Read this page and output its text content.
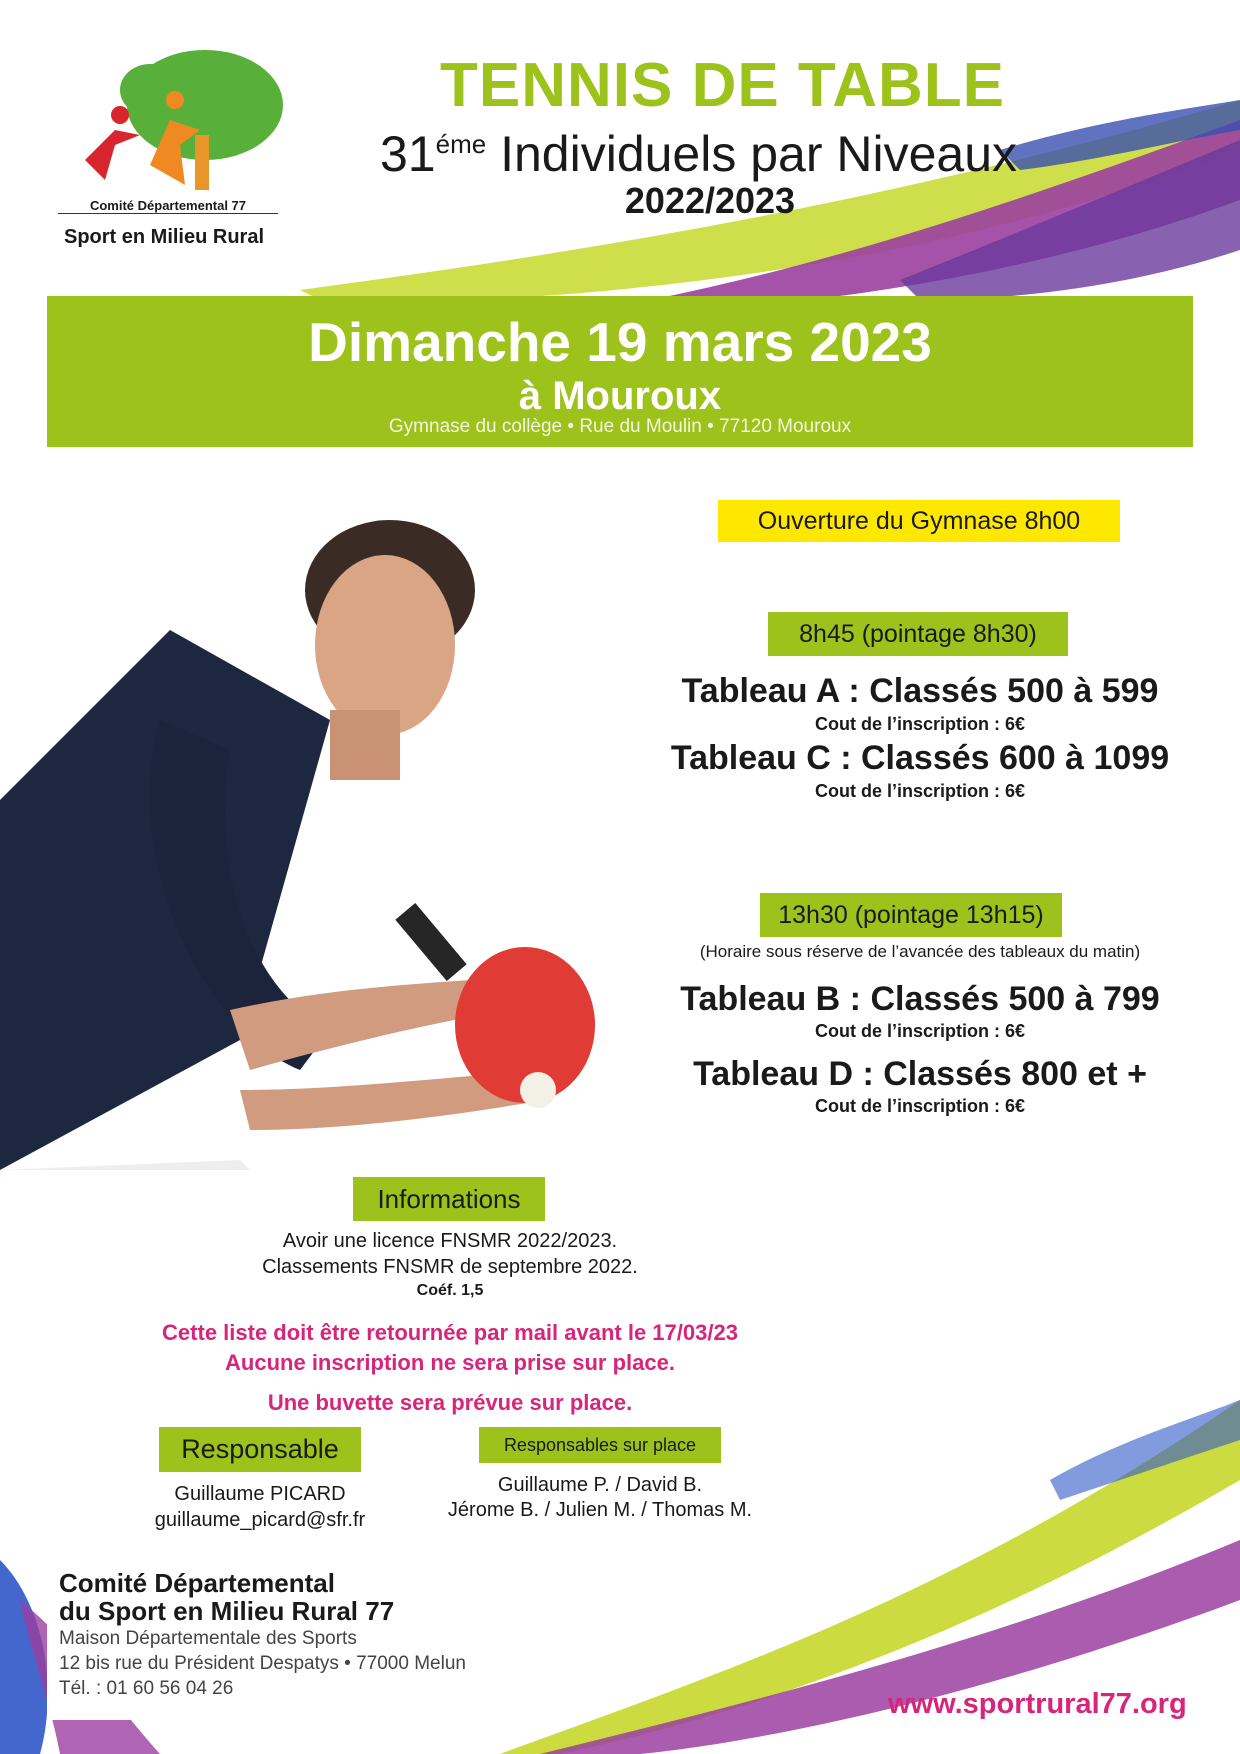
Comité Départemental 77
Sport en Milieu Rural
TENNIS DE TABLE
$31^{éme}$ Individuels par Niveaux
2022/2023
Dimanche 19 mars 2023
à Mouroux
Gymnase du collège • Rue du Moulin • 77120 Mouroux
Ouverture du Gymnase 8h00
8h45 (pointage 8h30)
Tableau A : Classés 500 à 599
Cout de l’inscription : 6€
Tableau C : Classés 600 à 1099
Cout de l’inscription : 6€
13h30 (pointage 13h15)
(Horaire sous réserve de l’avancée des tableaux du matin)
Tableau B : Classés 500 à 799
Cout de l’inscription : 6€
Tableau D : Classés 800 et +
Cout de l’inscription : 6€
Informations
Avoir une licence FNSMR 2022/2023.
Classements FNSMR de septembre 2022.
Coéf. 1,5
Cette liste doit être retournée par mail avant le 17/03/23
Aucune inscription ne sera prise sur place.
Une buvette sera prévue sur place.
Responsable
Guillaume PICARD
guillaume_picard@sfr.fr
Responsables sur place
Guillaume P. / David B.
Jérome B. / Julien M. / Thomas M.
Comité Départemental
du Sport en Milieu Rural 77
Maison Départementale des Sports
12 bis rue du Président Despatys • 77000 Melun
Tél. : 01 60 56 04 26	www.sportrural77.org
